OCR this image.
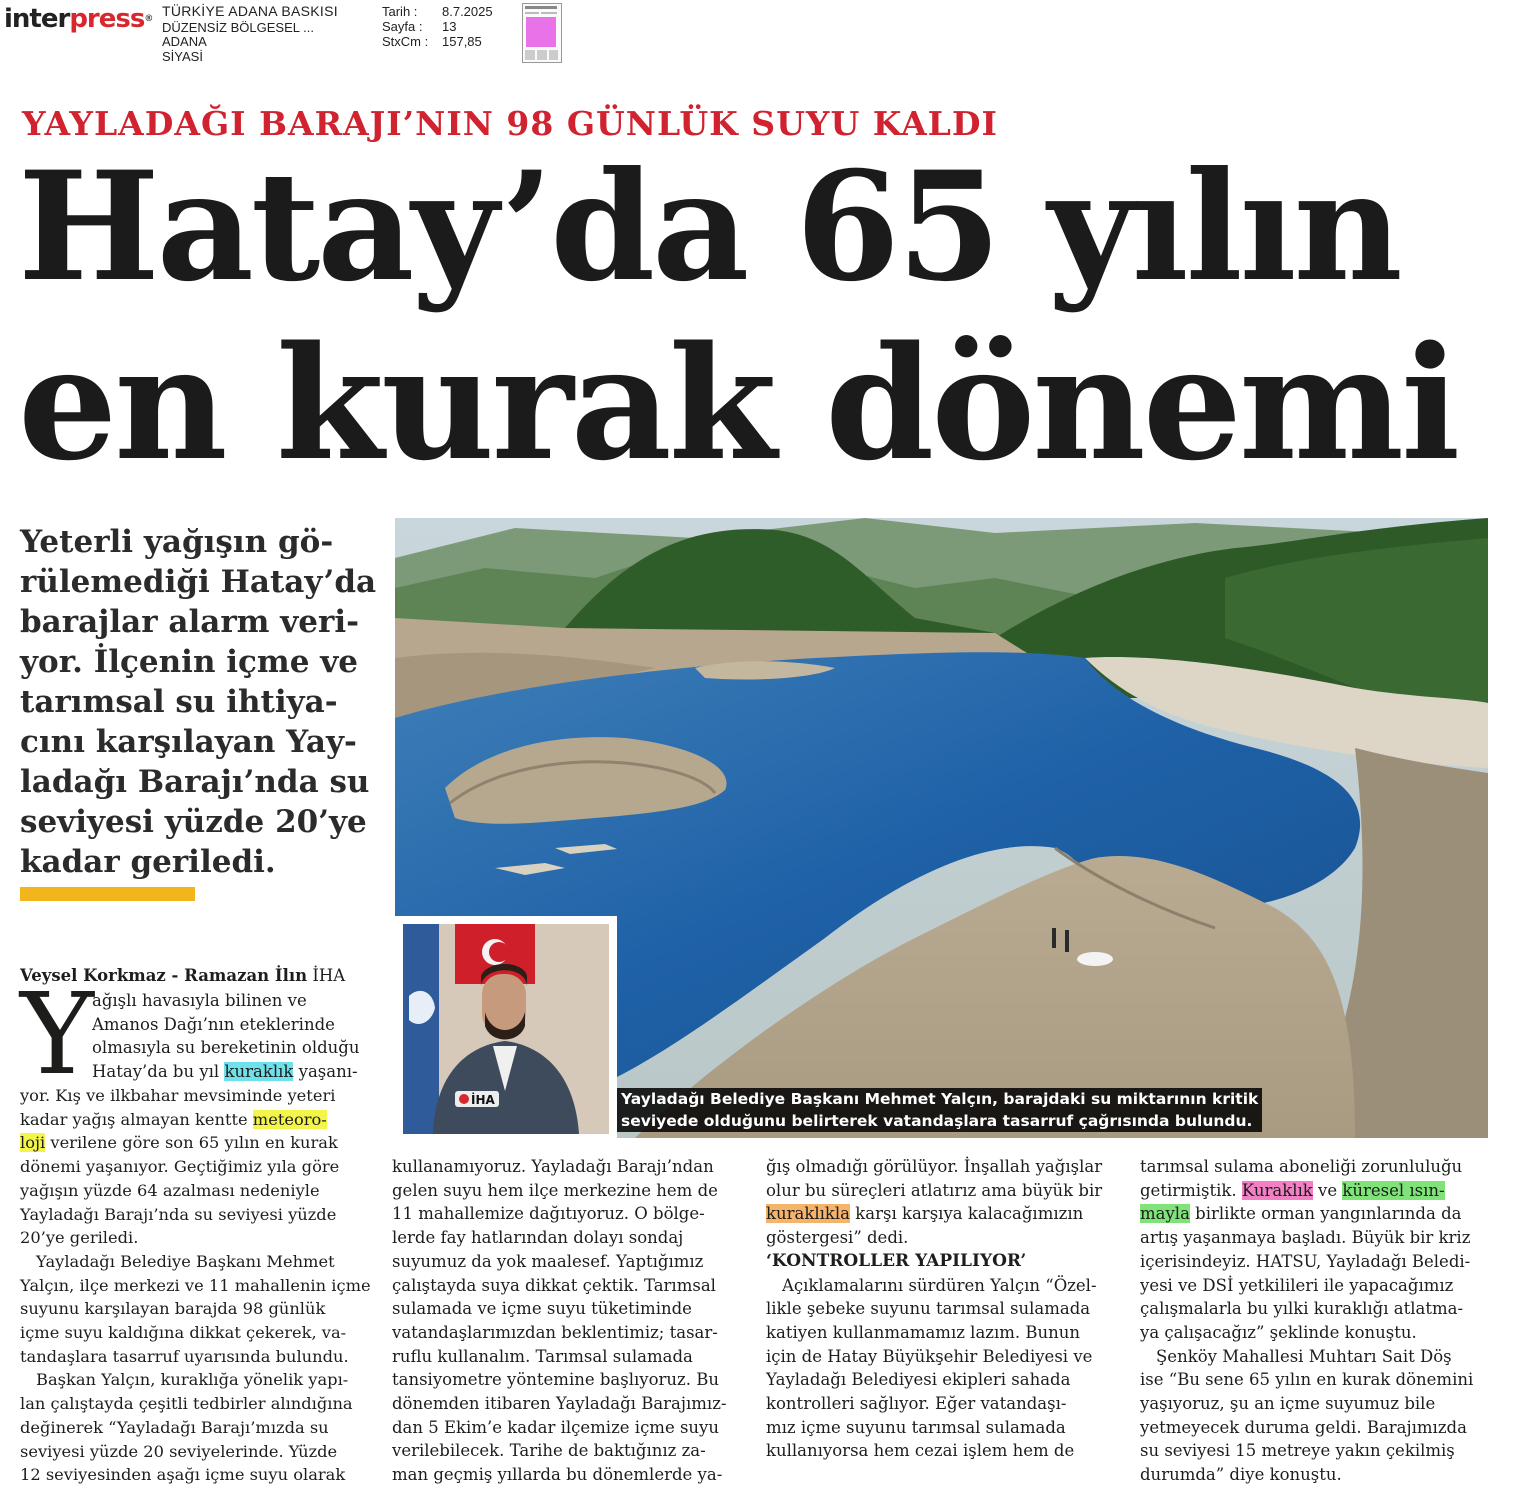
interpress® TÜRKİYE ADANA BASKISI
DÜZENSİZ BÖLGESEL ...
ADANA
SİYASİ
Tarih : 8.7.2025
Sayfa : 13
StxCm : 157,85
YAYLADAĞI BARAJI’NIN 98 GÜNLÜK SUYU KALDI
Hatay’da 65 yılın
en kurak dönemi
Yeterli yağışın gö-
rülemediği Hatay’da
barajlar alarm veri-
yor. İlçenin içme ve
tarımsal su ihtiya-
cını karşılayan Yay-
ladağı Barajı’nda su
seviyesi yüzde 20’ye
kadar geriledi.
İHA	Yayladağı Belediye Başkanı Mehmet Yalçın, barajdaki su miktarının kritik
seviyede olduğunu belirterek vatandaşlara tasarruf çağrısında bulundu.
Veysel Korkmaz - Ramazan İlın İHA
Y

ağışlı havasıyla bilinen ve

Amanos Dağı’nın eteklerinde

olmasıyla su bereketinin olduğu

Hatay’da bu yıl kuraklık yaşanı-

yor. Kış ve ilkbahar mevsiminde yeteri

kadar yağış almayan kentte meteoro-

loji verilene göre son 65 yılın en kurak

dönemi yaşanıyor. Geçtiğimiz yıla göre

yağışın yüzde 64 azalması nedeniyle

Yayladağı Barajı’nda su seviyesi yüzde

20’ye geriledi.

Yayladağı Belediye Başkanı Mehmet

Yalçın, ilçe merkezi ve 11 mahallenin içme

suyunu karşılayan barajda 98 günlük

içme suyu kaldığına dikkat çekerek, va-

tandaşlara tasarruf uyarısında bulundu.

Başkan Yalçın, kuraklığa yönelik yapı-

lan çalıştayda çeşitli tedbirler alındığına

değinerek “Yayladağı Barajı’mızda su

seviyesi yüzde 20 seviyelerinde. Yüzde

12 seviyesinden aşağı içme suyu olarak

kullanamıyoruz. Yayladağı Barajı’ndan

gelen suyu hem ilçe merkezine hem de

11 mahallemize dağıtıyoruz. O bölge-

lerde fay hatlarından dolayı sondaj

suyumuz da yok maalesef. Yaptığımız

çalıştayda suya dikkat çektik. Tarımsal

sulamada ve içme suyu tüketiminde

vatandaşlarımızdan beklentimiz; tasar-

ruflu kullanalım. Tarımsal sulamada

tansiyometre yöntemine başlıyoruz. Bu

dönemden itibaren Yayladağı Barajımız-

dan 5 Ekim’e kadar ilçemize içme suyu

verilebilecek. Tarihe de baktığınız za-

man geçmiş yıllarda bu dönemlerde ya-

ğış olmadığı görülüyor. İnşallah yağışlar

olur bu süreçleri atlatırız ama büyük bir

kuraklıkla karşı karşıya kalacağımızın

göstergesi” dedi.

‘KONTROLLER YAPILIYOR’

Açıklamalarını sürdüren Yalçın “Özel-

likle şebeke suyunu tarımsal sulamada

katiyen kullanmamamız lazım. Bunun

için de Hatay Büyükşehir Belediyesi ve

Yayladağı Belediyesi ekipleri sahada

kontrolleri sağlıyor. Eğer vatandaşı-

mız içme suyunu tarımsal sulamada

kullanıyorsa hem cezai işlem hem de

tarımsal sulama aboneliği zorunluluğu

getirmiştik. Kuraklık ve küresel ısın-

mayla birlikte orman yangınlarında da

artış yaşanmaya başladı. Büyük bir kriz

içerisindeyiz. HATSU, Yayladağı Beledi-

yesi ve DSİ yetkilileri ile yapacağımız

çalışmalarla bu yılki kuraklığı atlatma-

ya çalışacağız” şeklinde konuştu.

Şenköy Mahallesi Muhtarı Sait Döş

ise “Bu sene 65 yılın en kurak dönemini

yaşıyoruz, şu an içme suyumuz bile

yetmeyecek duruma geldi. Barajımızda

su seviyesi 15 metreye yakın çekilmiş

durumda” diye konuştu.
